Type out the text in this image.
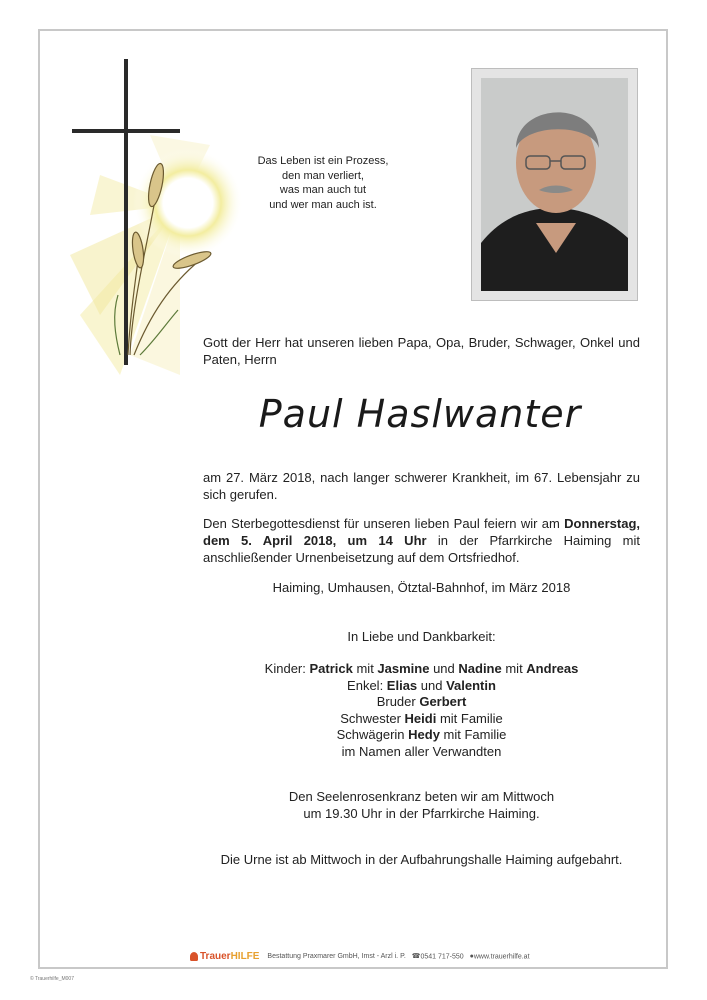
Das Leben ist ein Prozess,
den man verliert,
was man auch tut
und wer man auch ist.
Gott der Herr hat unseren lieben Papa, Opa, Bruder, Schwager, Onkel und Paten, Herrn
Paul Haslwanter
am 27. März 2018, nach langer schwerer Krankheit, im 67. Lebensjahr zu sich gerufen.
Den Sterbegottesdienst für unseren lieben Paul feiern wir am Donnerstag, dem 5. April 2018, um 14 Uhr in der Pfarrkirche Haiming mit anschließender Urnenbeisetzung auf dem Ortsfriedhof.
Haiming, Umhausen, Ötztal-Bahnhof, im März 2018
In Liebe und Dankbarkeit:
Kinder: Patrick mit Jasmine und Nadine mit Andreas
Enkel: Elias und Valentin
Bruder Gerbert
Schwester Heidi mit Familie
Schwägerin Hedy mit Familie
im Namen aller Verwandten
Den Seelenrosenkranz beten wir am Mittwoch
um 19.30 Uhr in der Pfarrkirche Haiming.
Die Urne ist ab Mittwoch in der Aufbahrungshalle Haiming aufgebahrt.
TrauerHILFE Bestattung Praxmarer GmbH, Imst - Arzl i. P. ☎0541 717-550 ●www.trauerhilfe.at
© Trauerhilfe_M007
